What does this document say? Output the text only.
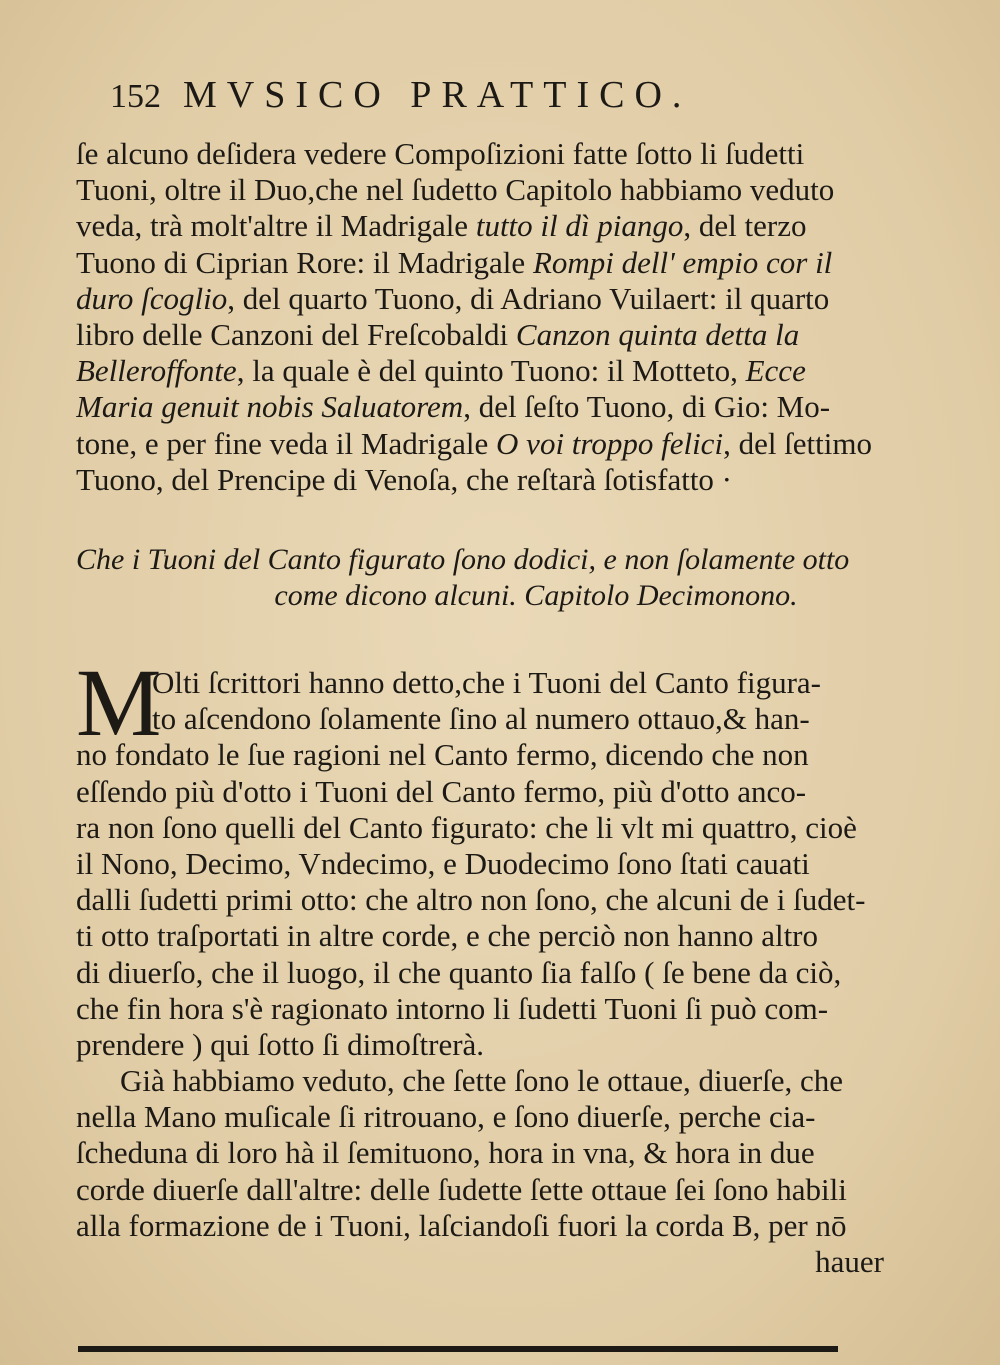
152 MVSICO PRATTICO.
ſe alcuno deſidera vedere Compoſizioni fatte ſotto li ſudetti
Tuoni, oltre il Duo,che nel ſudetto Capitolo habbiamo veduto
veda, trà molt'altre il Madrigale tutto il dì piango, del terzo
Tuono di Ciprian Rore: il Madrigale Rompi dell' empio cor il
duro ſcoglio, del quarto Tuono, di Adriano Vuilaert: il quarto
libro delle Canzoni del Freſcobaldi Canzon quinta detta la
Belleroffonte, la quale è del quinto Tuono: il Motteto, Ecce
Maria genuit nobis Saluatorem, del ſeſto Tuono, di Gio: Mo-
tone, e per fine veda il Madrigale O voi troppo felici, del ſettimo
Tuono, del Prencipe di Venoſa, che reſtarà ſotisfatto ·
Che i Tuoni del Canto figurato ſono dodici, e non ſolamente otto
come dicono alcuni. Capitolo Decimonono.
M
Olti ſcrittori hanno detto,che i Tuoni del Canto figura-
to aſcendono ſolamente ſino al numero ottauo,& han-
no fondato le ſue ragioni nel Canto fermo, dicendo che non
eſſendo più d'otto i Tuoni del Canto fermo, più d'otto anco-
ra non ſono quelli del Canto figurato: che li vlt mi quattro, cioè
il Nono, Decimo, Vndecimo, e Duodecimo ſono ſtati cauati
dalli ſudetti primi otto: che altro non ſono, che alcuni de i ſudet-
ti otto traſportati in altre corde, e che perciò non hanno altro
di diuerſo, che il luogo, il che quanto ſia falſo ( ſe bene da ciò,
che fin hora s'è ragionato intorno li ſudetti Tuoni ſi può com-
prendere ) qui ſotto ſi dimoſtrerà.
Già habbiamo veduto, che ſette ſono le ottaue, diuerſe, che
nella Mano muſicale ſi ritrouano, e ſono diuerſe, perche cia-
ſcheduna di loro hà il ſemituono, hora in vna, & hora in due
corde diuerſe dall'altre: delle ſudette ſette ottaue ſei ſono habili
alla formazione de i Tuoni, laſciandoſi fuori la corda B, per nō
hauer
